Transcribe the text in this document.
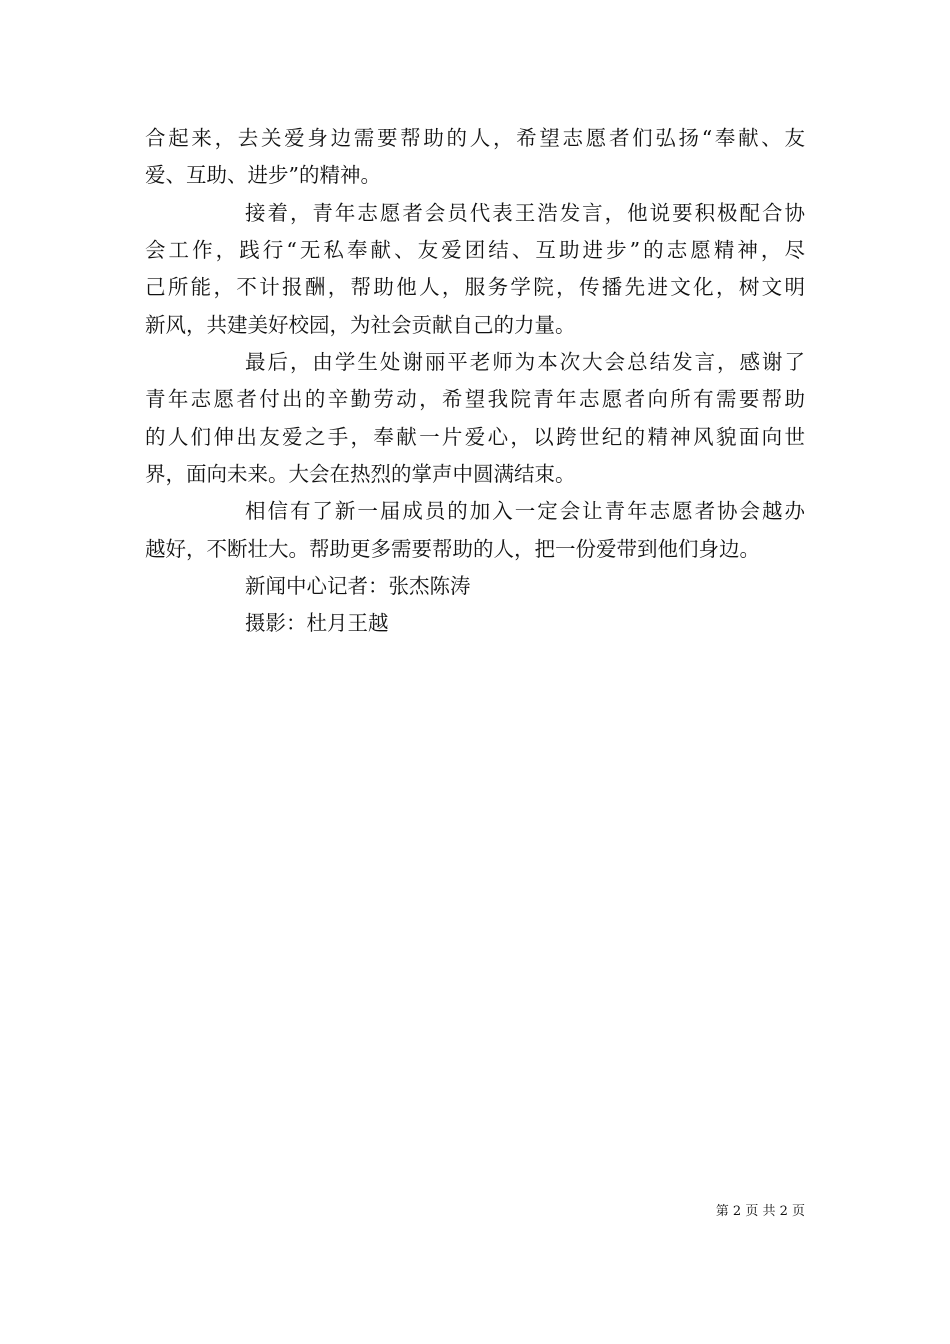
合起来，去关爱身边需要帮助的人，希望志愿者们弘扬“奉献、友
爱、互助、进步”的精神。
接着，青年志愿者会员代表王浩发言，他说要积极配合协
会工作，践行“无私奉献、友爱团结、互助进步”的志愿精神，尽
己所能，不计报酬，帮助他人，服务学院，传播先进文化，树文明
新风，共建美好校园，为社会贡献自己的力量。
最后，由学生处谢丽平老师为本次大会总结发言，感谢了
青年志愿者付出的辛勤劳动，希望我院青年志愿者向所有需要帮助
的人们伸出友爱之手，奉献一片爱心，以跨世纪的精神风貌面向世
界，面向未来。大会在热烈的掌声中圆满结束。
相信有了新一届成员的加入一定会让青年志愿者协会越办
越好，不断壮大。帮助更多需要帮助的人，把一份爱带到他们身边。
新闻中心记者：张杰陈涛
摄影：杜月王越
第 2 页 共 2 页
